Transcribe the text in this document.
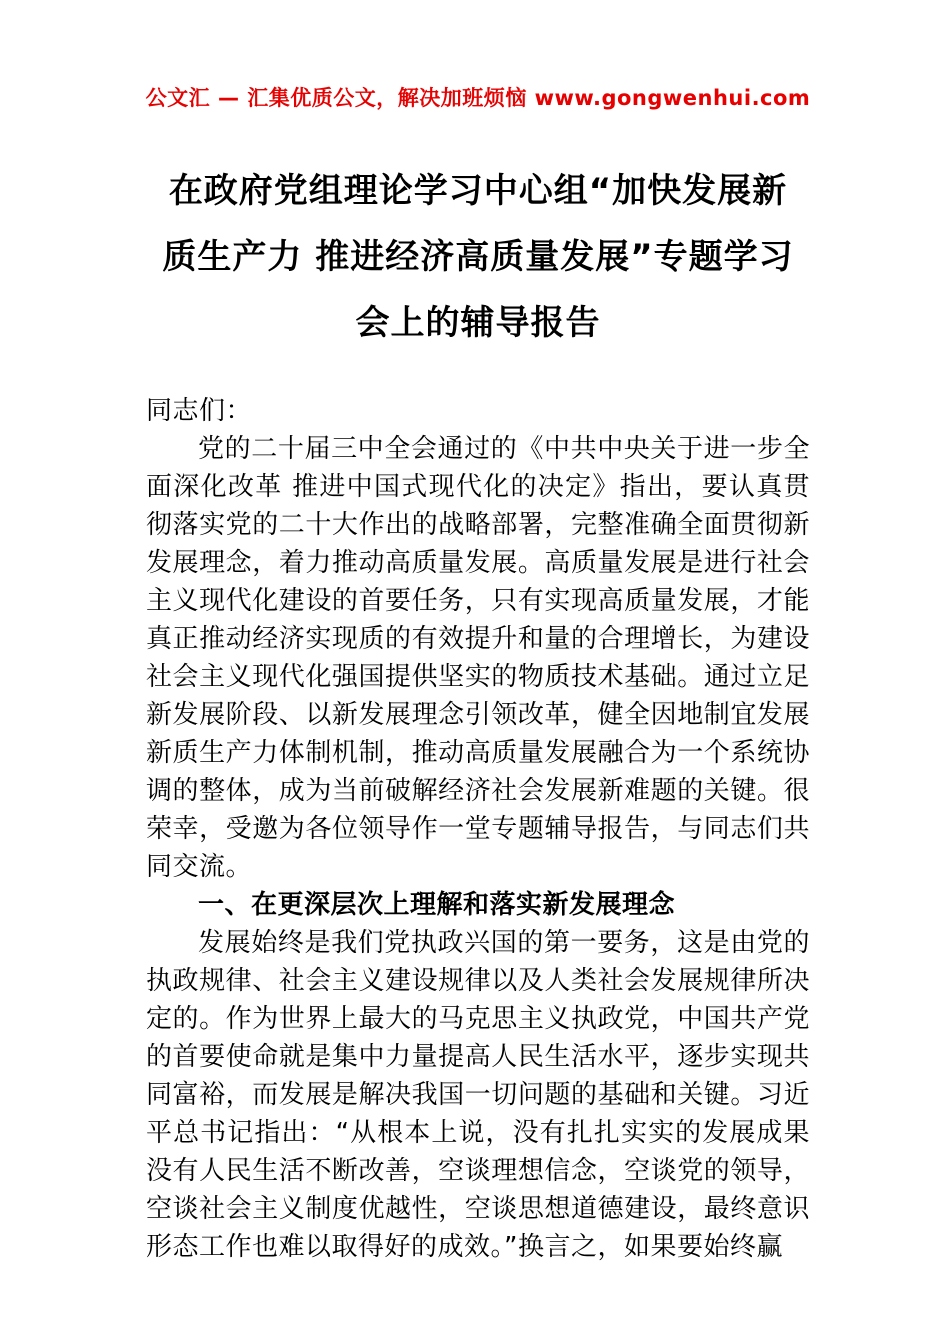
公文汇 — 汇集优质公文，解决加班烦恼 www.gongwenhui.com
在政府党组理论学习中心组“加快发展新
质生产力 推进经济高质量发展”专题学习
会上的辅导报告

同志们：

党的二十届三中全会通过的《中共中央关于进一步全面深化改革 推进中国式现代化的决定》指出，要认真贯彻落实党的二十大作出的战略部署，完整准确全面贯彻新发展理念，着力推动高质量发展。高质量发展是进行社会主义现代化建设的首要任务，只有实现高质量发展，才能真正推动经济实现质的有效提升和量的合理增长，为建设社会主义现代化强国提供坚实的物质技术基础。通过立足新发展阶段、以新发展理念引领改革，健全因地制宜发展新质生产力体制机制，推动高质量发展融合为一个系统协调的整体，成为当前破解经济社会发展新难题的关键。很荣幸，受邀为各位领导作一堂专题辅导报告，与同志们共同交流。

一、在更深层次上理解和落实新发展理念

发展始终是我们党执政兴国的第一要务，这是由党的执政规律、社会主义建设规律以及人类社会发展规律所决定的。作为世界上最大的马克思主义执政党，中国共产党的首要使命就是集中力量提高人民生活水平，逐步实现共同富裕，而发展是解决我国一切问题的基础和关键。习近平总书记指出：“从根本上说，没有扎扎实实的发展成果没有人民生活不断改善，空谈理想信念，空谈党的领导，空谈社会主义制度优越性，空谈思想道德建设，最终意识形态工作也难以取得好的成效。”换言之，如果要始终赢
